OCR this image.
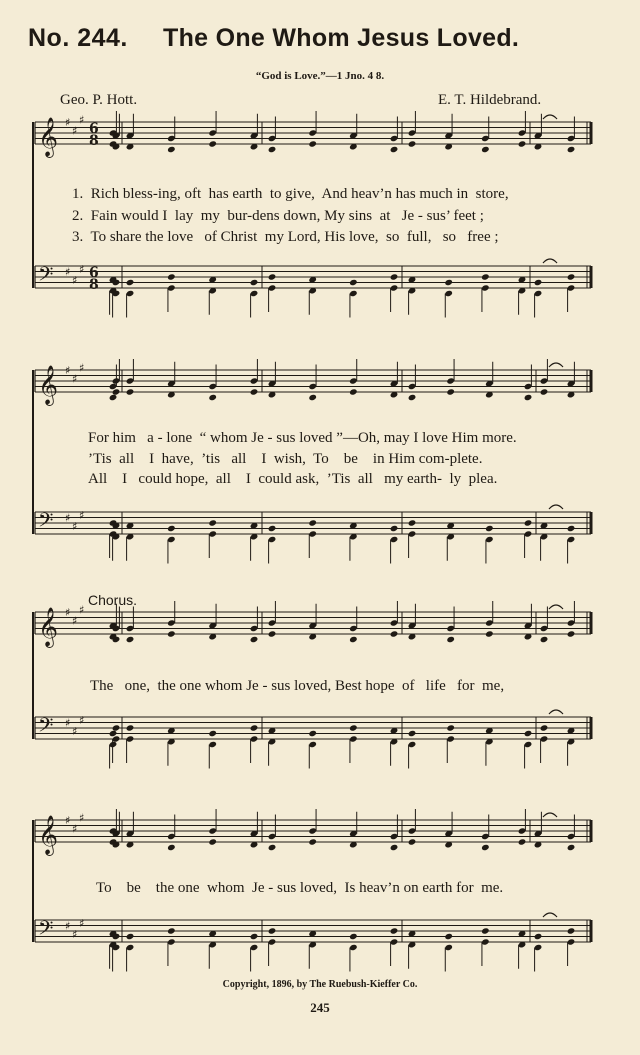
No. 244. The One Whom Jesus Loved.
“God is Love.”—1 Jno. 4 8.
Geo. P. Hott.	E. T. Hildebrand.
𝄞 ♯
♯
♯
6
8
𝄢 ♯
♯
♯ 6
8
𝄞 ♯
♯
♯
𝄢 ♯
♯
♯
𝄞 ♯
♯
♯
𝄢 ♯
♯
♯
𝄞 ♯
♯
♯
𝄢 ♯
♯
♯
1.  Rich bless-ing, oft  has earth  to give,  And heav’n has much in  store,
2.  Fain would I  lay  my  bur-dens down, My sins  at   Je - sus’ feet ;
3.  To share the love   of Christ  my Lord, His love,  so  full,   so   free ;
For him   a - lone  “ whom Je - sus loved ”—Oh, may I love Him more.
’Tis  all    I  have,  ’tis   all    I  wish,  To    be    in Him com-plete.
All    I   could hope,  all    I  could ask,  ’Tis  all   my earth-  ly  plea.
Chorus.
The   one,  the one whom Je - sus loved, Best hope  of   life   for  me,
To    be    the one  whom  Je - sus loved,  Is heav’n on earth for  me.
Copyright, 1896, by The Ruebush-Kieffer Co.
245
